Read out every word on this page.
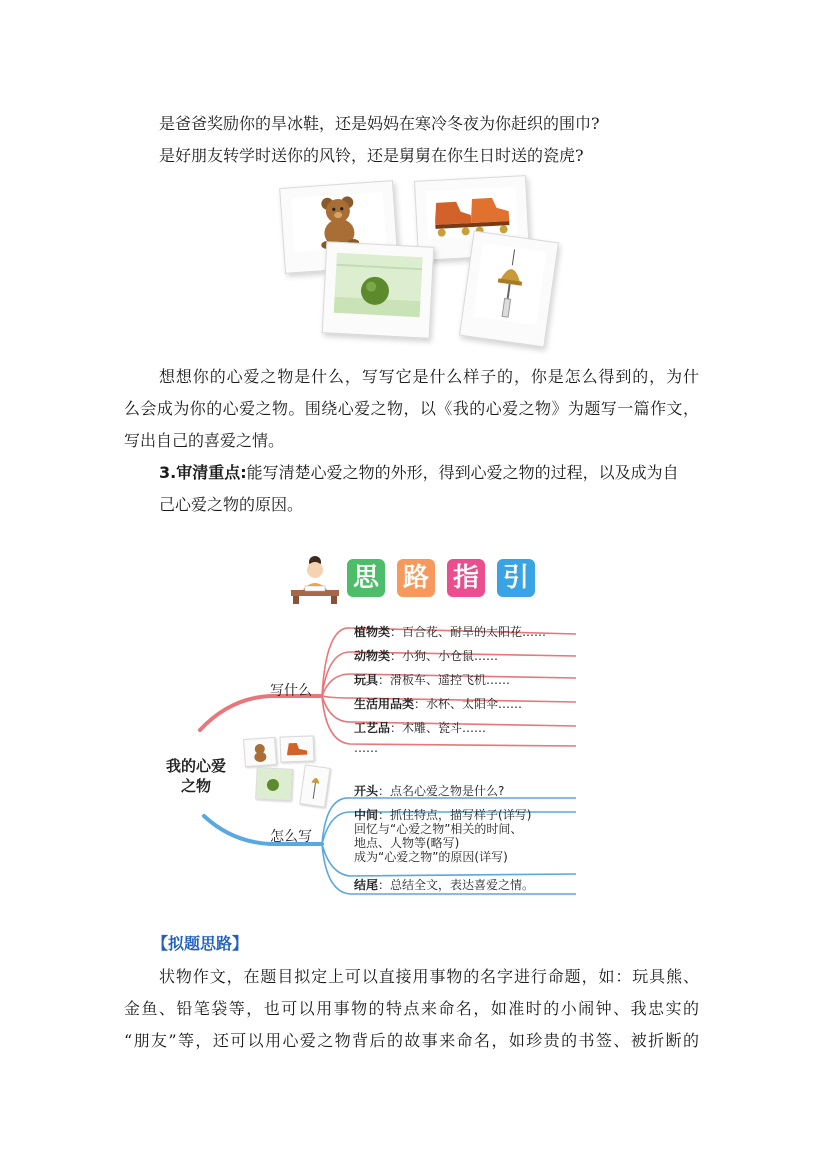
是爸爸奖励你的旱冰鞋，还是妈妈在寒冷冬夜为你赶织的围巾?
是好朋友转学时送你的风铃，还是舅舅在你生日时送的瓷虎?
想想你的心爱之物是什么，写写它是什么样子的，你是怎么得到的，为什
么会成为你的心爱之物。围绕心爱之物，以《我的心爱之物》为题写一篇作文，
写出自己的喜爱之情。
3.审清重点:能写清楚心爱之物的外形，得到心爱之物的过程，以及成为自
己心爱之物的原因。
思 路 指 引
我的心爱
之物
写什么
怎么写
植物类：百合花、耐旱的太阳花……
动物类：小狗、小仓鼠……
玩具：滑板车、遥控飞机……
生活用品类：水杯、太阳伞……
工艺品：木雕、瓷斗……
……
开头：点名心爱之物是什么?
中间：抓住特点，描写样子(详写)
回忆与“心爱之物”相关的时间、
地点、人物等(略写)
成为“心爱之物”的原因(详写)
结尾：总结全文，表达喜爱之情。
【拟题思路】
状物作文，在题目拟定上可以直接用事物的名字进行命题，如：玩具熊、
金鱼、铅笔袋等，也可以用事物的特点来命名，如准时的小闹钟、我忠实的
“朋友”等，还可以用心爱之物背后的故事来命名，如珍贵的书签、被折断的
